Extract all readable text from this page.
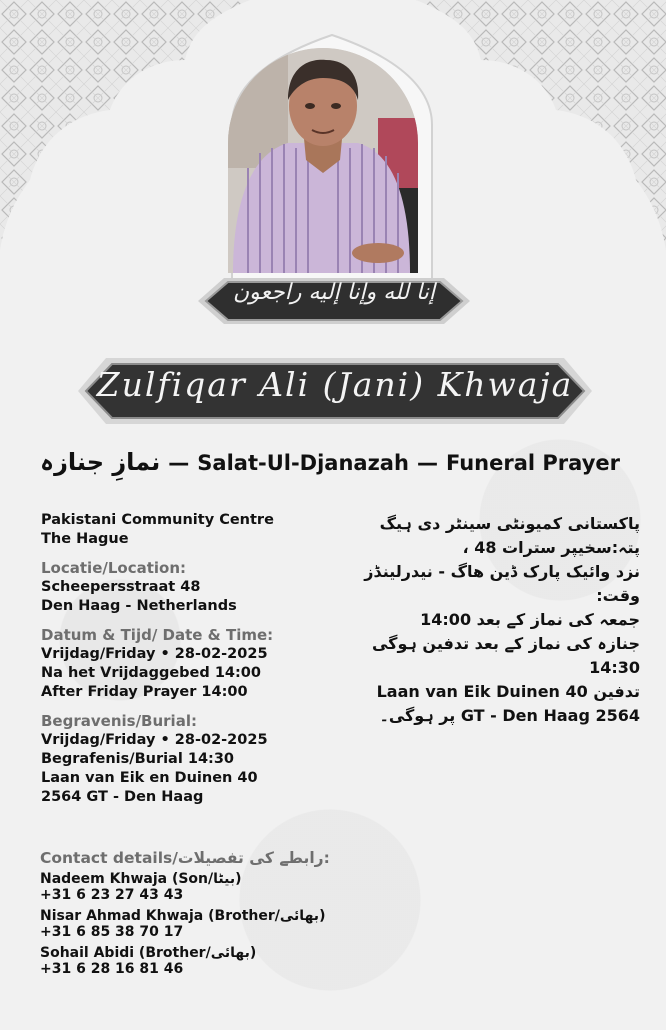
إنا لله وإنا إليه راجعون
Zulfiqar Ali (Jani) Khwaja
نمازِ جنازہ — Salat-Ul-Djanazah — Funeral Prayer

Pakistani Community Centre

The Hague

Locatie/Location:

Scheepersstraat 48

Den Haag - Netherlands

Datum & Tijd/ Date & Time:

Vrijdag/Friday • 28-02-2025

Na het Vrijdaggebed 14:00

After Friday Prayer 14:00

Begravenis/Burial:

Vrijdag/Friday • 28-02-2025

Begrafenis/Burial 14:30

Laan van Eik en Duinen 40

2564 GT - Den Haag

پاکستانی کمیونٹی سینٹر دی ہیگ
پتہ:سخیپر سترات 48 ،
نزد وائیک پارک ڈین ھاگ - نیدرلینڈز
وقت:
جمعہ کی نماز کے بعد 14:00
جنازہ کی نماز کے بعد تدفین ہوگی
14:30
تدفین Laan van Eik Duinen 40
2564 GT - Den Haag پر ہوگی۔
Contact details/رابطے کی تفصیلات:
Nadeem Khwaja (Son/بیٹا)
+31 6 23 27 43 43
Nisar Ahmad Khwaja (Brother/بھائی)
+31 6 85 38 70 17
Sohail Abidi (Brother/بھائی)
+31 6 28 16 81 46
